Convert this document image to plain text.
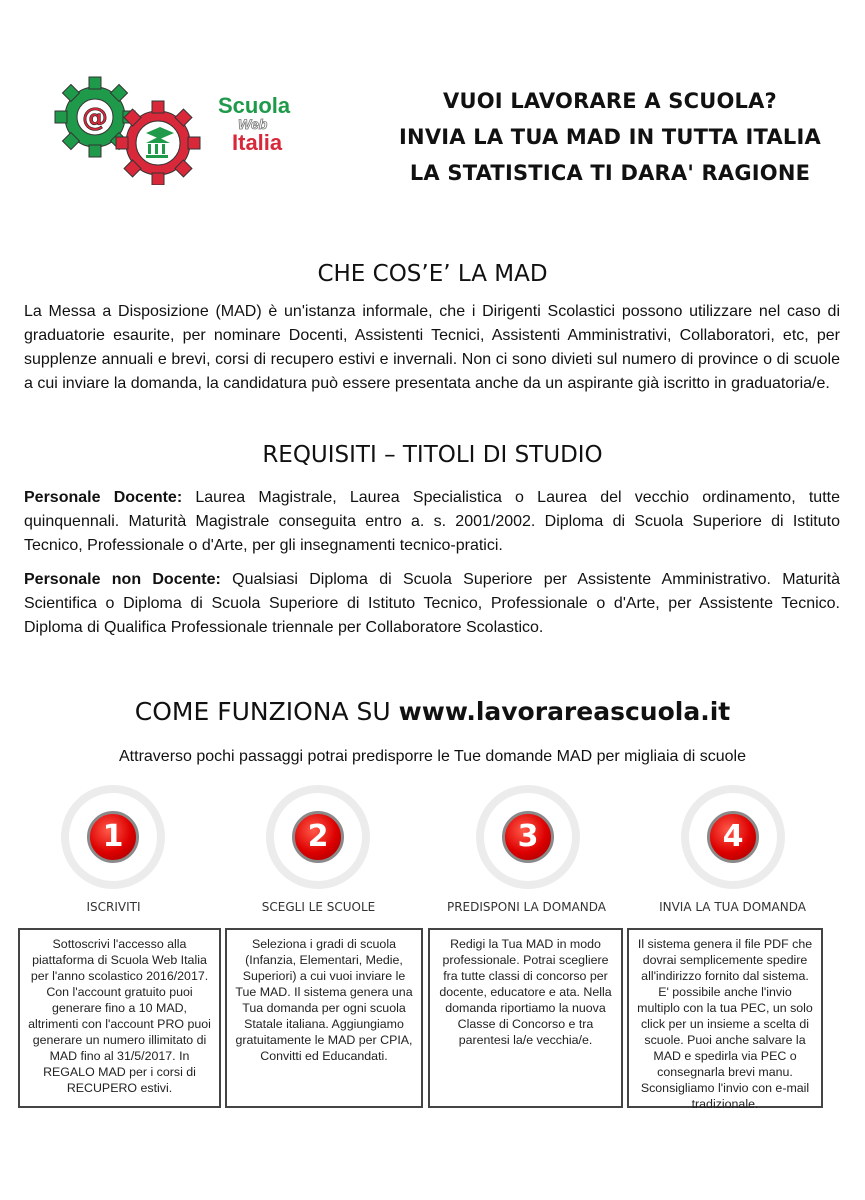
@	Scuola
Web
Italia
VUOI LAVORARE A SCUOLA?
INVIA LA TUA MAD IN TUTTA ITALIA
LA STATISTICA TI DARA' RAGIONE
CHE COS’E’ LA MAD

La Messa a Disposizione (MAD) è un'istanza informale, che i Dirigenti Scolastici possono utilizzare nel caso di graduatorie esaurite, per nominare Docenti, Assistenti Tecnici, Assistenti Amministrativi, Collaboratori, etc, per supplenze annuali e brevi, corsi di recupero estivi e invernali. Non ci sono divieti sul numero di province o di scuole a cui inviare la domanda, la candidatura può essere presentata anche da un aspirante già iscritto in graduatoria/e.

REQUISITI – TITOLI DI STUDIO

Personale Docente: Laurea Magistrale, Laurea Specialistica o Laurea del vecchio ordinamento, tutte quinquennali. Maturità Magistrale conseguita entro a. s. 2001/2002. Diploma di Scuola Superiore di Istituto Tecnico, Professionale o d'Arte, per gli insegnamenti tecnico-pratici.

Personale non Docente: Qualsiasi Diploma di Scuola Superiore per Assistente Amministrativo. Maturità Scientifica o Diploma di Scuola Superiore di Istituto Tecnico, Professionale o d'Arte, per Assistente Tecnico. Diploma di Qualifica Professionale triennale per Collaboratore Scolastico.

COME FUNZIONA SU www.lavorareascuola.it
Attraverso pochi passaggi potrai predisporre le Tue domande MAD per migliaia di scuole
1	2	3	4
ISCRIVITI	SCEGLI LE SCUOLE	PREDISPONI LA DOMANDA	INVIA LA TUA DOMANDA
Sottoscrivi l'accesso alla piattaforma di Scuola Web Italia per l'anno scolastico 2016/2017. Con l'account gratuito puoi generare fino a 10 MAD, altrimenti con l'account PRO puoi generare un numero illimitato di MAD fino al 31/5/2017. In REGALO MAD per i corsi di RECUPERO estivi.
Seleziona i gradi di scuola (Infanzia, Elementari, Medie, Superiori) a cui vuoi inviare le Tue MAD. Il sistema genera una Tua domanda per ogni scuola Statale italiana. Aggiungiamo gratuitamente le MAD per CPIA, Convitti ed Educandati.
Redigi la Tua MAD in modo professionale. Potrai scegliere fra tutte classi di concorso per docente, educatore e ata. Nella domanda riportiamo la nuova Classe di Concorso e tra parentesi la/e vecchia/e.
Il sistema genera il file PDF che dovrai semplicemente spedire all'indirizzo fornito dal sistema. E' possibile anche l'invio multiplo con la tua PEC, un solo click per un insieme a scelta di scuole. Puoi anche salvare la MAD e spedirla via PEC o consegnarla brevi manu. Sconsigliamo l'invio con e-mail tradizionale.
